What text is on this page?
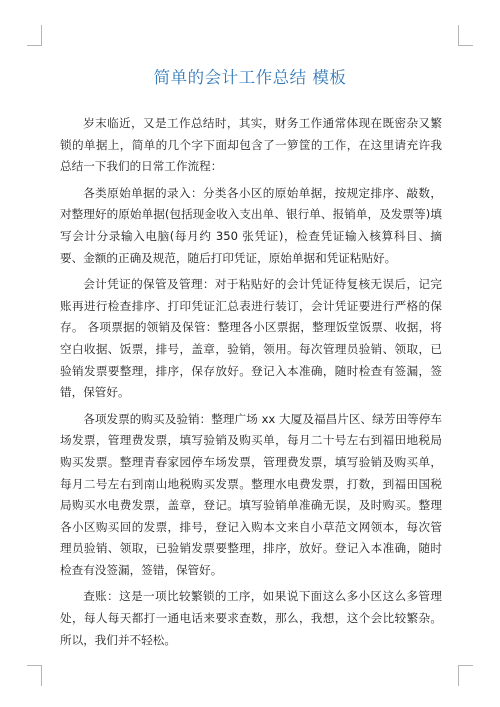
简单的会计工作总结 模板

岁末临近，又是工作总结时，其实，财务工作通常体现在既密杂又繁锁的单据上，简单的几个字下面却包含了一箩筐的工作，在这里请充许我总结一下我们的日常工作流程：

各类原始单据的录入：分类各小区的原始单据，按规定排序、敲数，对整理好的原始单据(包括现金收入支出单、银行单、报销单，及发票等)填写会计分录输入电脑(每月约 350 张凭证)，检查凭证输入核算科目、摘要、金额的正确及规范，随后打印凭证，原始单据和凭证粘贴好。

会计凭证的保管及管理：对于粘贴好的会计凭证待复核无误后，记完账再进行检查排序、打印凭证汇总表进行装订，会计凭证要进行严格的保存。 各项票据的领销及保管：整理各小区票据，整理饭堂饭票、收据，将空白收据、饭票，排号，盖章，验销，领用。每次管理员验销、领取，已验销发票要整理，排序，保存放好。登记入本准确，随时检查有签漏，签错，保管好。

各项发票的购买及验销：整理广场 xx 大厦及福昌片区、绿芳田等停车场发票，管理费发票，填写验销及购买单，每月二十号左右到福田地税局购买发票。整理青春家园停车场发票，管理费发票，填写验销及购买单，每月二号左右到南山地税购买发票。整理水电费发票，打数，到福田国税局购买水电费发票，盖章，登记。填写验销单准确无误，及时购买。整理各小区购买回的发票，排号，登记入购本文来自小草范文网领本，每次管理员验销、领取，已验销发票要整理，排序，放好。登记入本准确，随时检查有没签漏，签错，保管好。

查账：这是一项比较繁锁的工序，如果说下面这么多小区这么多管理处，每人每天都打一通电话来要求查数，那么，我想，这个会比较繁杂。所以，我们并不轻松。
